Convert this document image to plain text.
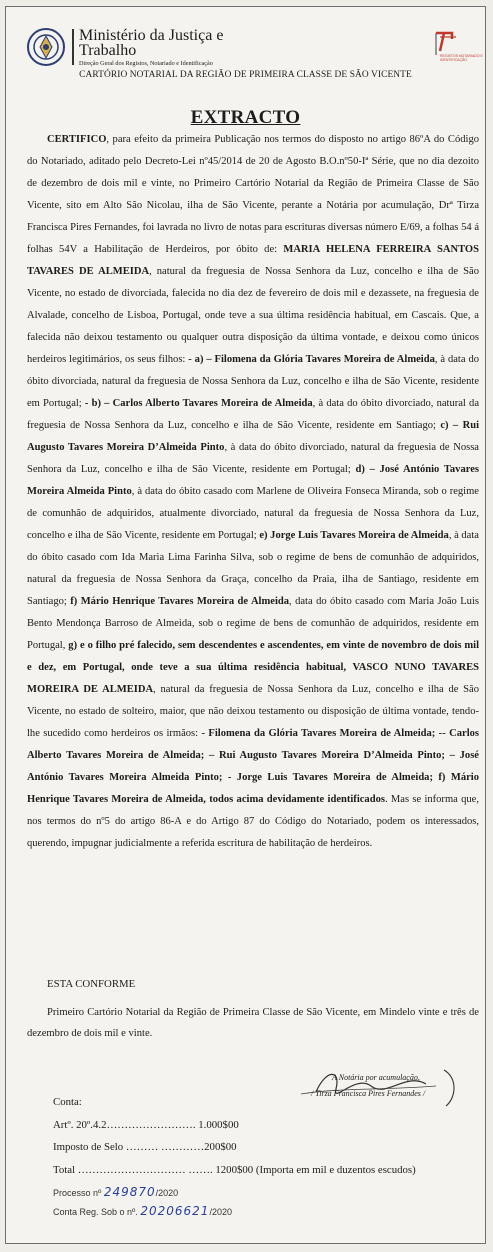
Ministério da Justiça e
Trabalho
Direção Geral dos Registos, Notariado e Identificação
CARTÓRIO NOTARIAL DA REGIÃO DE PRIMEIRA CLASSE DE SÃO VICENTE
REGISTOS NOTARIADO E IDENTIFICAÇÃO
EXTRACTO

CERTIFICO, para efeito da primeira Publicação nos termos do disposto no artigo 86ºA do Código do Notariado, aditado pelo Decreto-Lei nº45/2014 de 20 de Agosto B.O.nº50-Iª Série, que no dia dezoito de dezembro de dois mil e vinte, no Primeiro Cartório Notarial da Região de Primeira Classe de São Vicente, sito em Alto São Nicolau, ilha de São Vicente, perante a Notária por acumulação, Drª Tirza Francisca Pires Fernandes, foi lavrada no livro de notas para escrituras diversas número E/69, a folhas 54 á folhas 54V a Habilitação de Herdeiros, por óbito de: MARIA HELENA FERREIRA SANTOS TAVARES DE ALMEIDA, natural da freguesia de Nossa Senhora da Luz, concelho e ilha de São Vicente, no estado de divorciada, falecida no dia dez de fevereiro de dois mil e dezassete, na freguesia de Alvalade, concelho de Lisboa, Portugal, onde teve a sua última residência habitual, em Cascais. Que, a falecida não deixou testamento ou qualquer outra disposição da última vontade, e deixou como únicos herdeiros legitimários, os seus filhos: - a) – Filomena da Glória Tavares Moreira de Almeida, à data do óbito divorciada, natural da freguesia de Nossa Senhora da Luz, concelho e ilha de São Vicente, residente em Portugal; - b) – Carlos Alberto Tavares Moreira de Almeida, à data do óbito divorciado, natural da freguesia de Nossa Senhora da Luz, concelho e ilha de São Vicente, residente em Santiago; c) – Rui Augusto Tavares Moreira D’Almeida Pinto, à data do óbito divorciado, natural da freguesia de Nossa Senhora da Luz, concelho e ilha de São Vicente, residente em Portugal; d) – José António Tavares Moreira Almeida Pinto, à data do óbito casado com Marlene de Oliveira Fonseca Miranda, sob o regime de comunhão de adquiridos, atualmente divorciado, natural da freguesia de Nossa Senhora da Luz, concelho e ilha de São Vicente, residente em Portugal; e) Jorge Luis Tavares Moreira de Almeida, à data do óbito casado com Ida Maria Lima Farinha Silva, sob o regime de bens de comunhão de adquiridos, natural da freguesia de Nossa Senhora da Graça, concelho da Praia, ilha de Santiago, residente em Santiago; f) Mário Henrique Tavares Moreira de Almeida, data do óbito casado com Maria João Luis Bento Mendonça Barroso de Almeida, sob o regime de bens de comunhão de adquiridos, residente em Portugal, g) e o filho pré falecido, sem descendentes e ascendentes, em vinte de novembro de dois mil e dez, em Portugal, onde teve a sua última residência habitual, VASCO NUNO TAVARES MOREIRA DE ALMEIDA, natural da freguesia de Nossa Senhora da Luz, concelho e ilha de São Vicente, no estado de solteiro, maior, que não deixou testamento ou disposição de última vontade, tendo-lhe sucedido como herdeiros os irmãos: - Filomena da Glória Tavares Moreira de Almeida; -- Carlos Alberto Tavares Moreira de Almeida; – Rui Augusto Tavares Moreira D’Almeida Pinto; – José António Tavares Moreira Almeida Pinto; - Jorge Luis Tavares Moreira de Almeida; f) Mário Henrique Tavares Moreira de Almeida, todos acima devidamente identificados. Mas se informa que, nos termos do nº5 do artigo 86-A e do Artigo 87 do Código do Notariado, podem os interessados, querendo, impugnar judicialmente a referida escritura de habilitação de herdeiros.

ESTA CONFORME
Primeiro Cartório Notarial da Região de Primeira Classe de São Vicente, em Mindelo vinte e três de dezembro de dois mil e vinte.
A Notária por acumulação,
/ Tirza Francisca Pires Fernandes /
Conta:
Artº. 20º.4.2……………………. 1.000$00
Imposto de Selo ……… …………200$00
Total ………………………… ……. 1200$00 (Importa em mil e duzentos escudos)
Processo nº 249870/2020
Conta Reg. Sob o nº. 20206621/2020
